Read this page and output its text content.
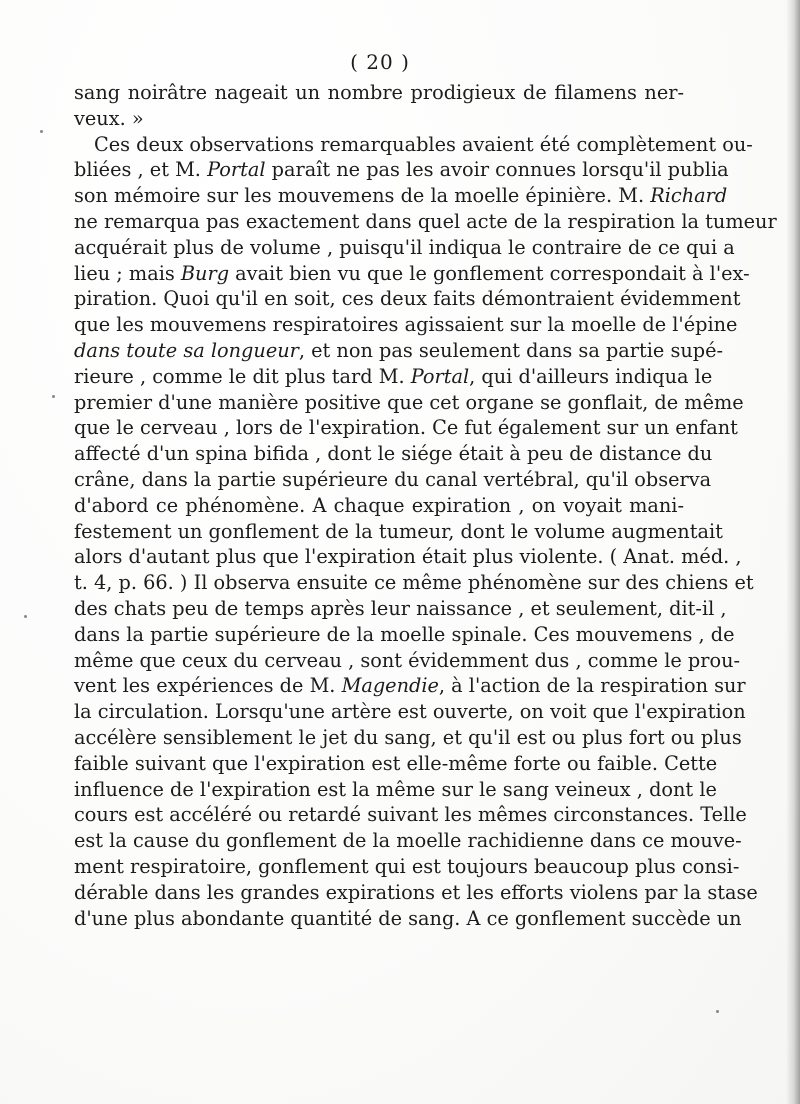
( 20 )
sang noirâtre nageait un nombre prodigieux de filamens ner-
veux. »
Ces deux observations remarquables avaient été complètement ou-
bliées , et M. Portal paraît ne pas les avoir connues lorsqu'il publia
son mémoire sur les mouvemens de la moelle épinière. M. Richard
ne remarqua pas exactement dans quel acte de la respiration la tumeur
acquérait plus de volume , puisqu'il indiqua le contraire de ce qui a
lieu ; mais Burg avait bien vu que le gonflement correspondait à l'ex-
piration. Quoi qu'il en soit, ces deux faits démontraient évidemment
que les mouvemens respiratoires agissaient sur la moelle de l'épine
dans toute sa longueur, et non pas seulement dans sa partie supé-
rieure , comme le dit plus tard M. Portal, qui d'ailleurs indiqua le
premier d'une manière positive que cet organe se gonflait, de même
que le cerveau , lors de l'expiration. Ce fut également sur un enfant
affecté d'un spina bifida , dont le siége était à peu de distance du
crâne, dans la partie supérieure du canal vertébral, qu'il observa
d'abord ce phénomène. A chaque expiration , on voyait mani-
festement un gonflement de la tumeur, dont le volume augmentait
alors d'autant plus que l'expiration était plus violente. ( Anat. méd. ,
t. 4, p. 66. ) Il observa ensuite ce même phénomène sur des chiens et
des chats peu de temps après leur naissance , et seulement, dit-il ,
dans la partie supérieure de la moelle spinale. Ces mouvemens , de
même que ceux du cerveau , sont évidemment dus , comme le prou-
vent les expériences de M. Magendie, à l'action de la respiration sur
la circulation. Lorsqu'une artère est ouverte, on voit que l'expiration
accélère sensiblement le jet du sang, et qu'il est ou plus fort ou plus
faible suivant que l'expiration est elle-même forte ou faible. Cette
influence de l'expiration est la même sur le sang veineux , dont le
cours est accéléré ou retardé suivant les mêmes circonstances. Telle
est la cause du gonflement de la moelle rachidienne dans ce mouve-
ment respiratoire, gonflement qui est toujours beaucoup plus consi-
dérable dans les grandes expirations et les efforts violens par la stase
d'une plus abondante quantité de sang. A ce gonflement succède un
